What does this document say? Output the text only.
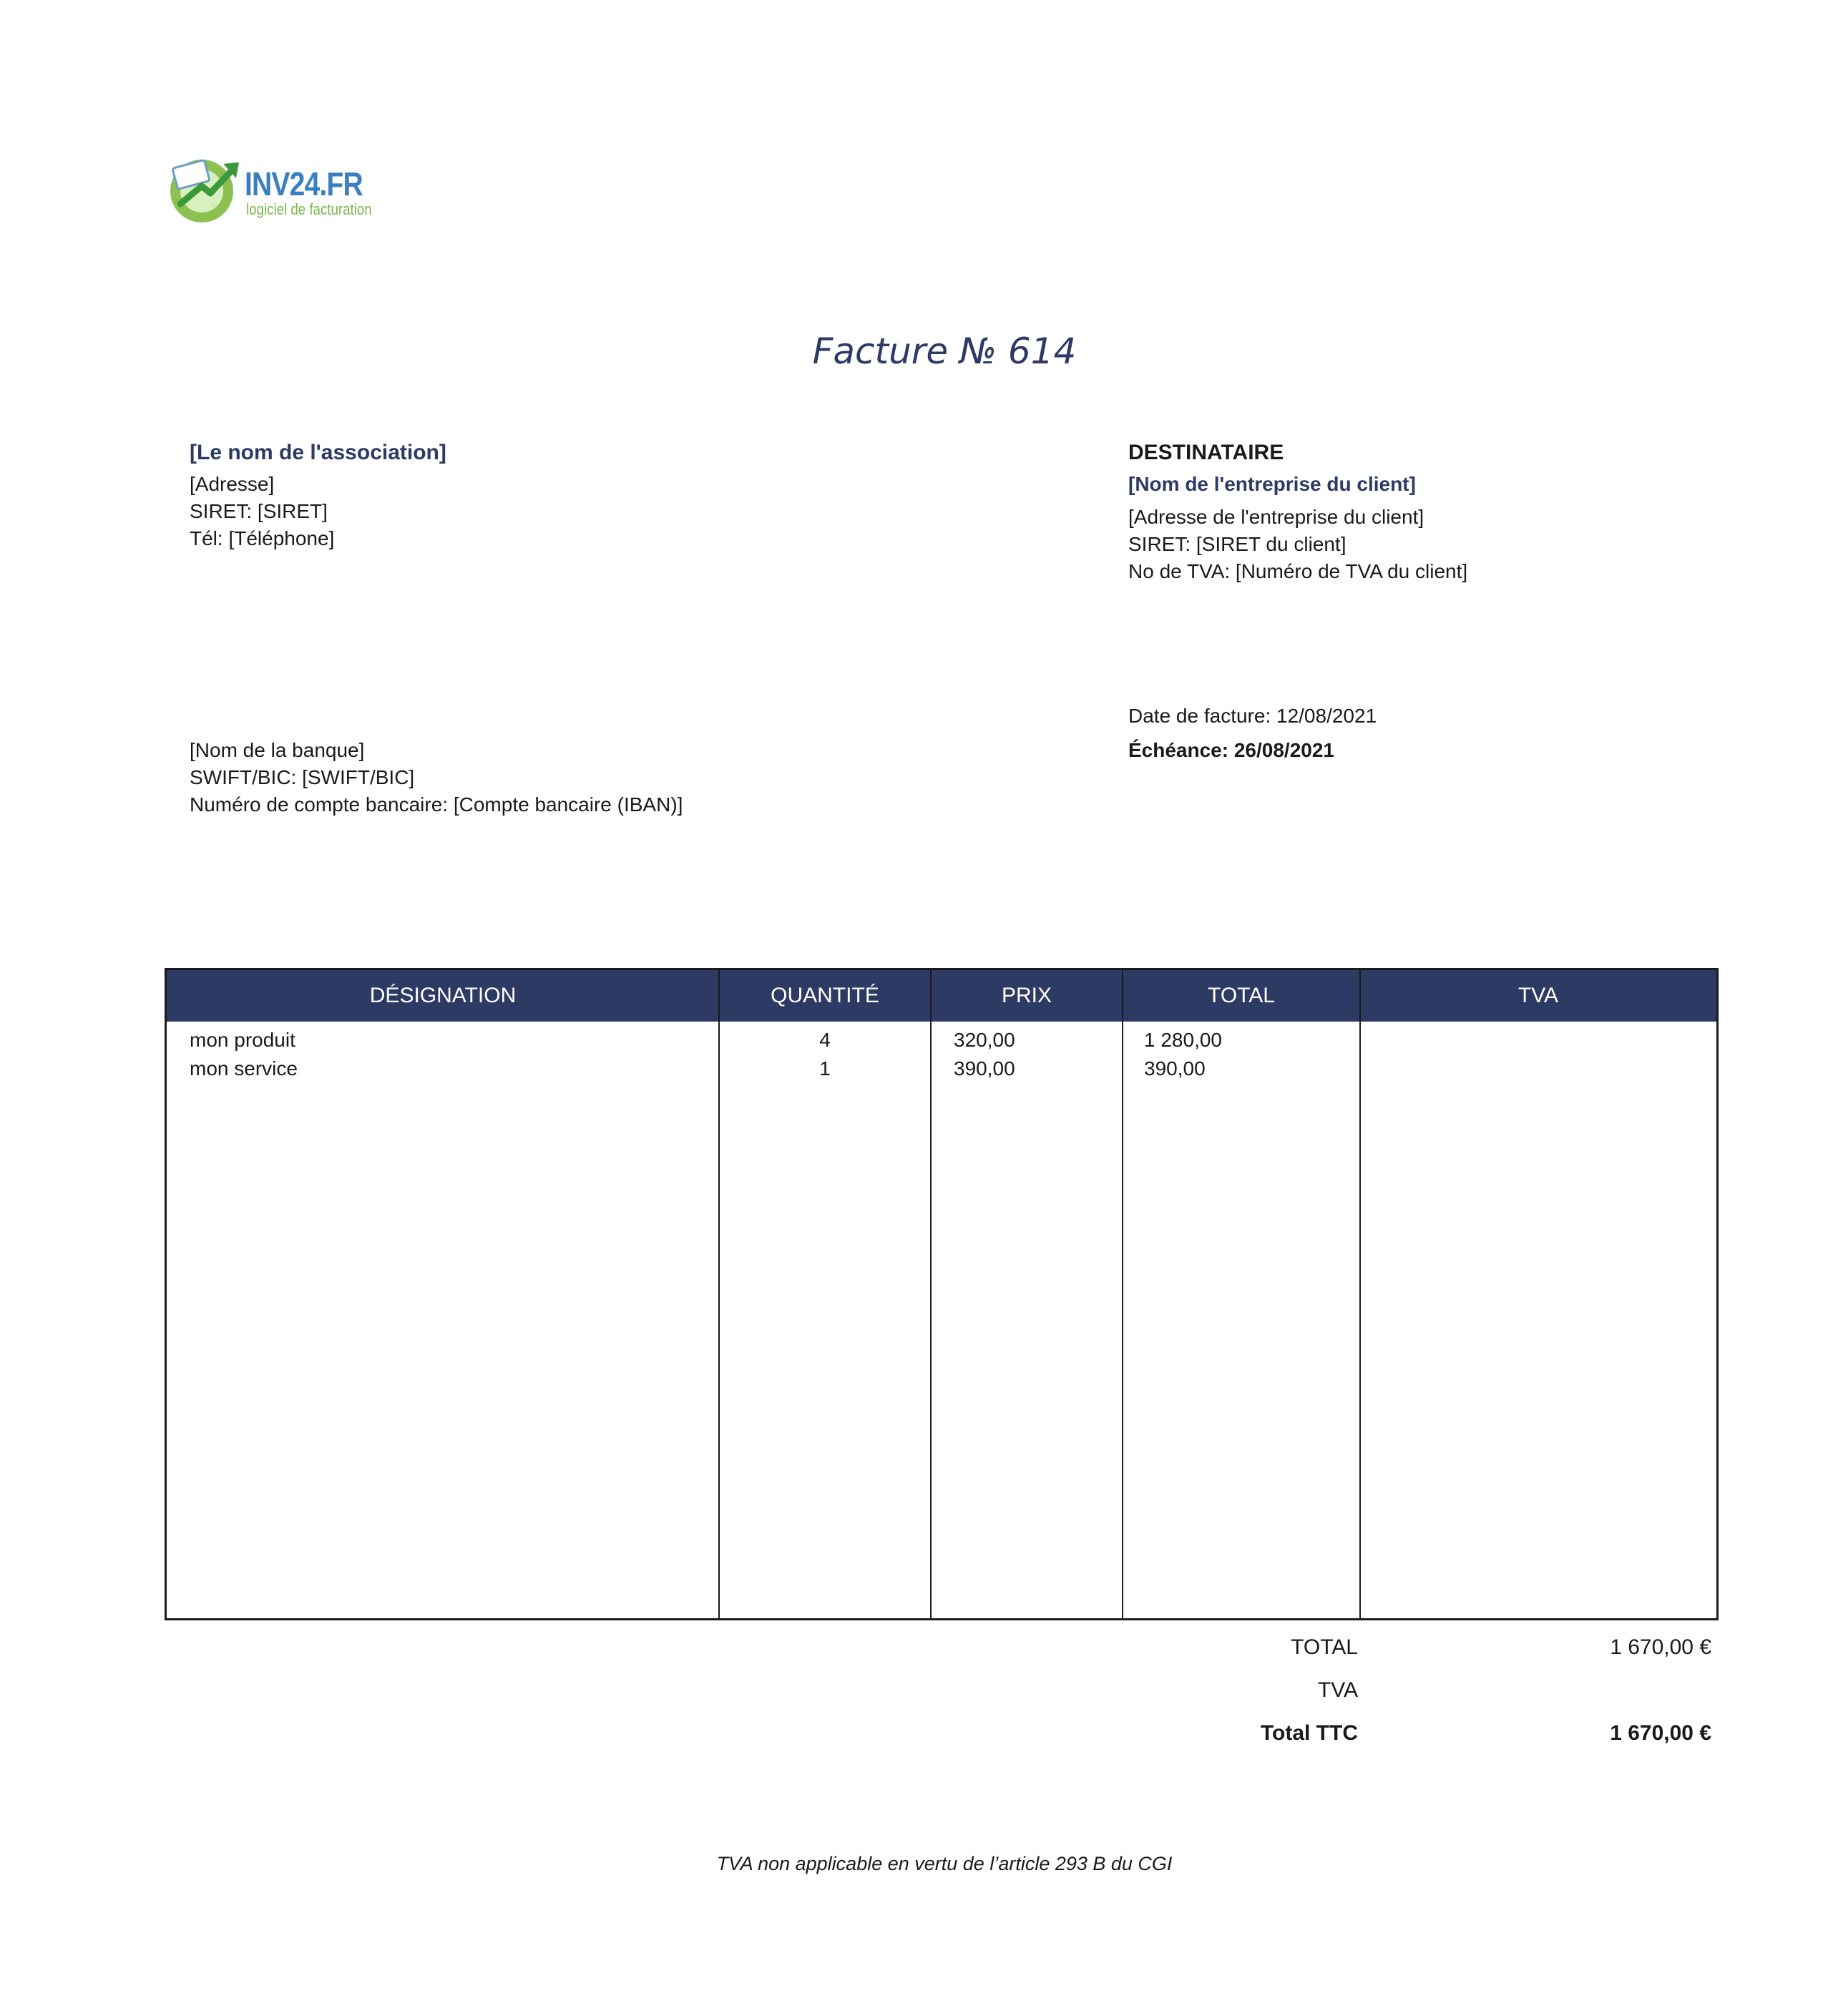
INV24.FR
logiciel de facturation
Facture № 614
[Le nom de l'association]
[Adresse]
SIRET: [SIRET]
Tél: [Téléphone]
DESTINATAIRE
[Nom de l'entreprise du client]
[Adresse de l'entreprise du client]
SIRET: [SIRET du client]
No de TVA: [Numéro de TVA du client]
Date de facture: 12/08/2021
Échéance: 26/08/2021
[Nom de la banque]
SWIFT/BIC: [SWIFT/BIC]
Numéro de compte bancaire: [Compte bancaire (IBAN)]
DÉSIGNATION	QUANTITÉ	PRIX	TOTAL	TVA
mon produit	4	320,00	1 280,00
mon service	1	390,00	390,00
TOTAL	1 670,00 €
TVA
Total TTC	1 670,00 €
TVA non applicable en vertu de l’article 293 B du CGI
